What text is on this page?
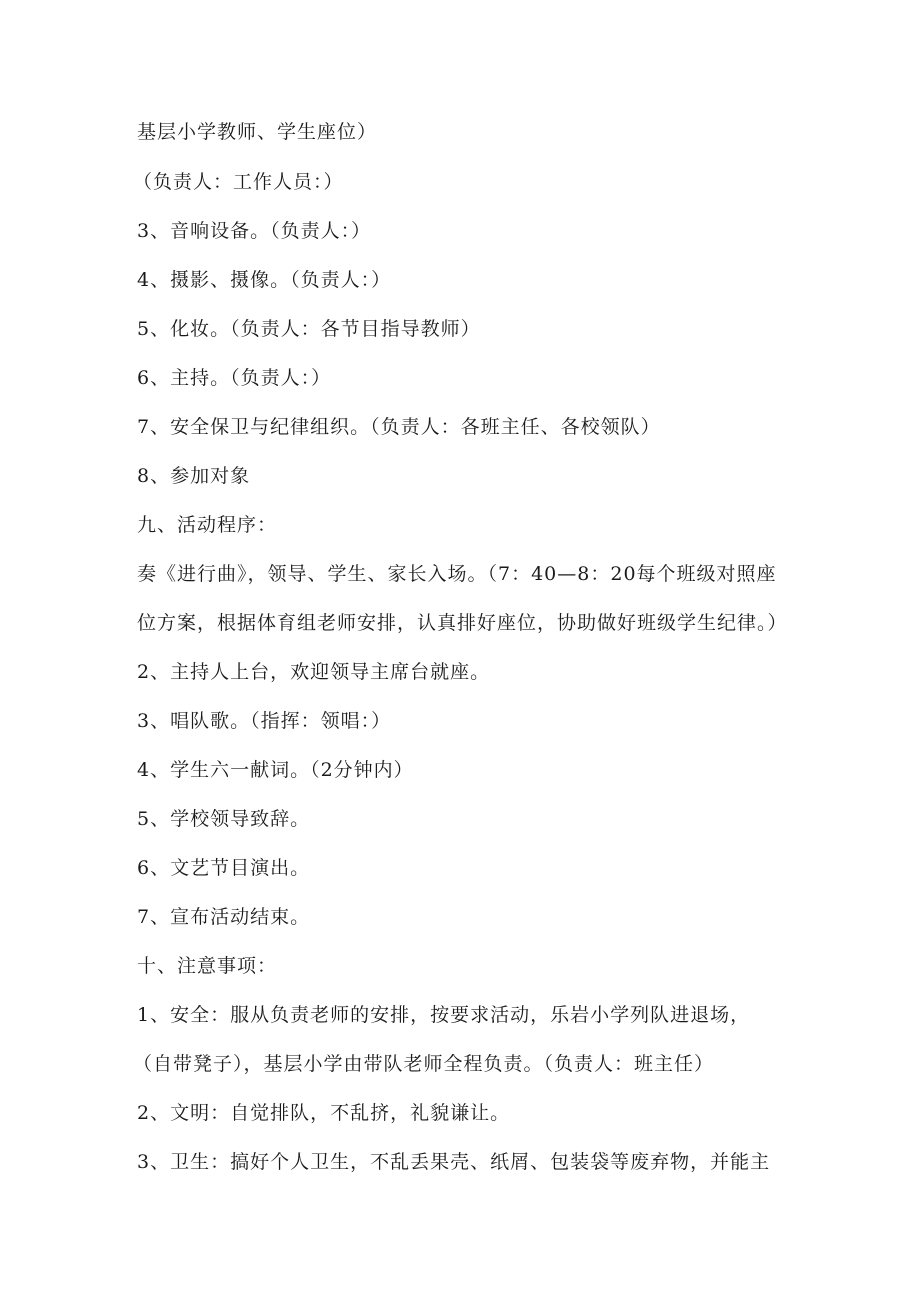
基层小学教师、学生座位）

（负责人：工作人员：）

3、音响设备。（负责人：）

4、摄影、摄像。（负责人：）

5、化妆。（负责人：各节目指导教师）

6、主持。（负责人：）

7、安全保卫与纪律组织。（负责人：各班主任、各校领队）

8、参加对象

九、活动程序：

奏《进行曲》，领导、学生、家长入场。（7：40—8：20每个班级对照座

位方案，根据体育组老师安排，认真排好座位，协助做好班级学生纪律。）

2、主持人上台，欢迎领导主席台就座。

3、唱队歌。（指挥：领唱：）

4、学生六一献词。（2分钟内）

5、学校领导致辞。

6、文艺节目演出。

7、宣布活动结束。

十、注意事项：

1、安全：服从负责老师的安排，按要求活动，乐岩小学列队进退场，

（自带凳子），基层小学由带队老师全程负责。（负责人：班主任）

2、文明：自觉排队，不乱挤，礼貌谦让。

3、卫生：搞好个人卫生，不乱丢果壳、纸屑、包装袋等废弃物，并能主
